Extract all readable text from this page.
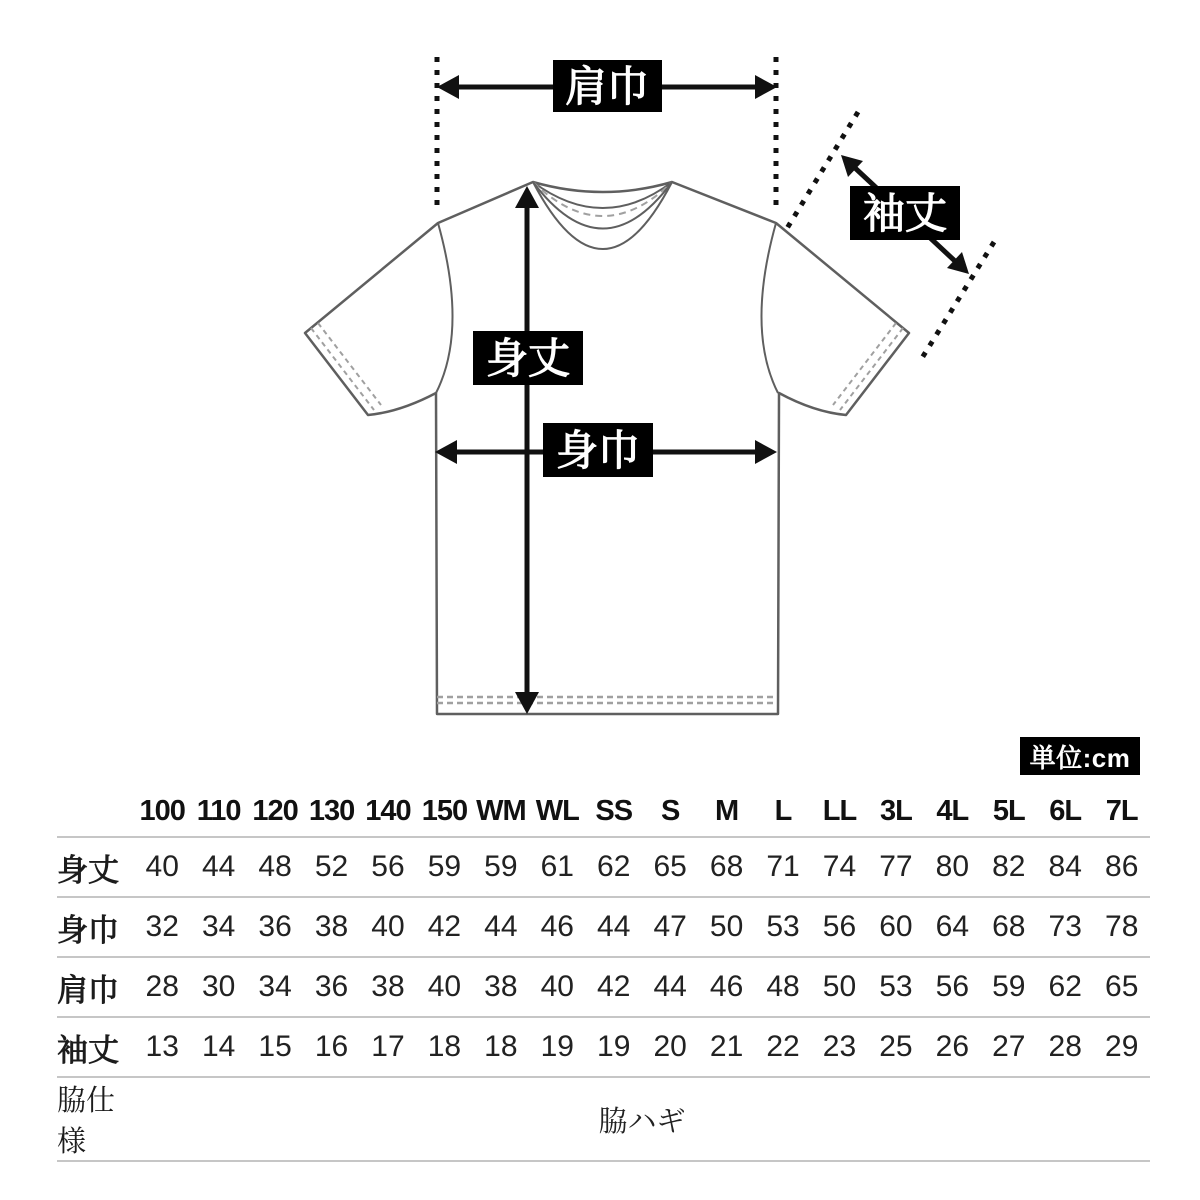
肩巾
身丈
身巾
袖丈
単位:cm
	100	110	120	130	140	150	WM	WL	SS	S	M	L	LL	3L	4L	5L	6L	7L
身丈	40	44	48	52	56	59	59	61	62	65	68	71	74	77	80	82	84	86
身巾	32	34	36	38	40	42	44	46	44	47	50	53	56	60	64	68	73	78
肩巾	28	30	34	36	38	40	38	40	42	44	46	48	50	53	56	59	62	65
袖丈	13	14	15	16	17	18	18	19	19	20	21	22	23	25	26	27	28	29
脇仕様	脇ハギ																	
